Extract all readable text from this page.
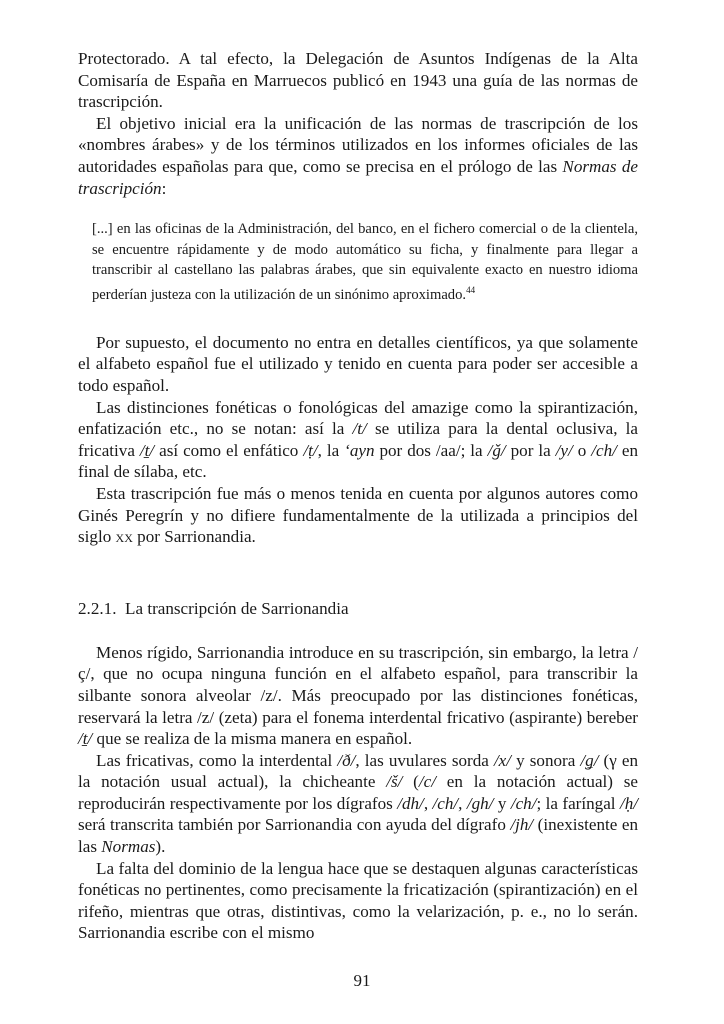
Protectorado. A tal efecto, la Delegación de Asuntos Indígenas de la Alta Comisaría de España en Marruecos publicó en 1943 una guía de las normas de trascripción.

El objetivo inicial era la unificación de las normas de trascripción de los «nombres árabes» y de los términos utilizados en los informes oficiales de las autoridades españolas para que, como se precisa en el prólogo de las Normas de trascripción:

[...] en las oficinas de la Administración, del banco, en el fichero comercial o de la clientela, se encuentre rápidamente y de modo automático su ficha, y finalmente para llegar a transcribir al castellano las palabras árabes, que sin equivalente exacto en nuestro idioma perderían justeza con la utilización de un sinónimo aproximado.$^{44}$

Por supuesto, el documento no entra en detalles científicos, ya que solamente el alfabeto español fue el utilizado y tenido en cuenta para poder ser accesible a todo español.

Las distinciones fonéticas o fonológicas del amazige como la spirantización, enfatización etc., no se notan: así la /t/ se utiliza para la dental oclusiva, la fricativa /ṯ/ así como el enfático /ṭ/, la ‘ayn por dos /aa/; la /ǧ/ por la /y/ o /ch/ en final de sílaba, etc.

Esta trascripción fue más o menos tenida en cuenta por algunos autores como Ginés Peregrín y no difiere fundamentalmente de la utilizada a principios del siglo xx por Sarrionandia.

2.2.1. La transcripción de Sarrionandia

Menos rígido, Sarrionandia introduce en su trascripción, sin embargo, la letra /ç/, que no ocupa ninguna función en el alfabeto español, para transcribir la silbante sonora alveolar /z/. Más preocupado por las distinciones fonéticas, reservará la letra /z/ (zeta) para el fonema interdental fricativo (aspirante) bereber /ṯ/ que se realiza de la misma manera en español.

Las fricativas, como la interdental /ð/, las uvulares sorda /x/ y sonora /ǥ/ (γ en la notación usual actual), la chicheante /š/ (/c/ en la notación actual) se reproducirán respectivamente por los dígrafos /dh/, /ch/, /gh/ y /ch/; la faríngal /ḥ/ será transcrita también por Sarrionandia con ayuda del dígrafo /jh/ (inexistente en las Normas).

La falta del dominio de la lengua hace que se destaquen algunas características fonéticas no pertinentes, como precisamente la fricatización (spirantización) en el rifeño, mientras que otras, distintivas, como la velarización, p. e., no lo serán. Sarrionandia escribe con el mismo

91
